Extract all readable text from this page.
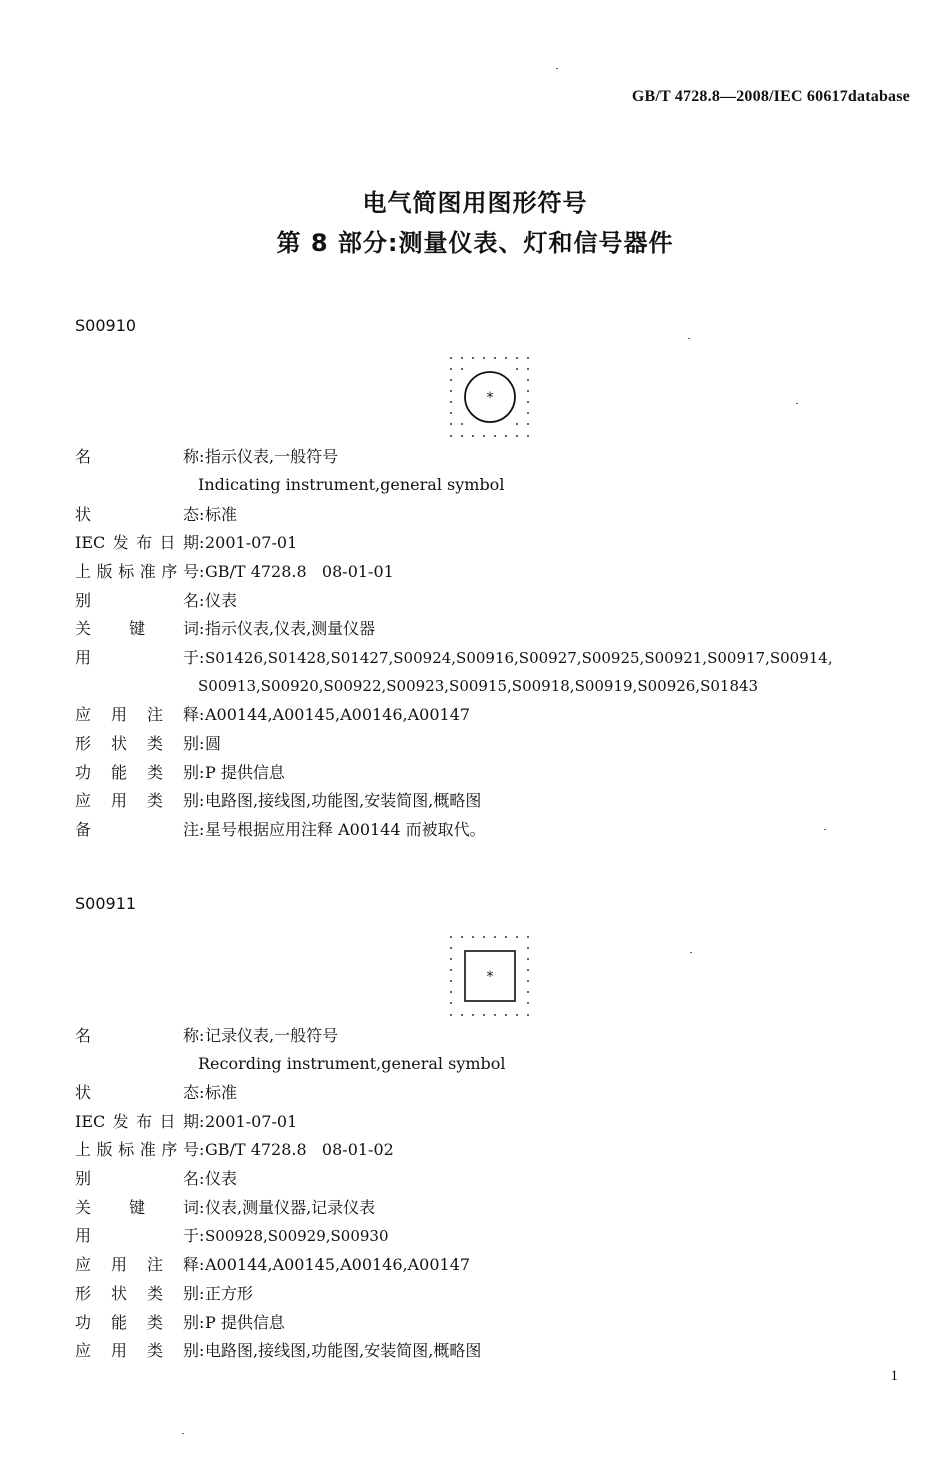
GB/T 4728.8—2008/IEC 60617database
电气简图用图形符号
第 8 部分:测量仪表、灯和信号器件
S00910
*
名称:指示仪表,一般符号
Indicating instrument,general symbol
状态:标准
IEC发布日期:2001-07-01
上版标准序号:GB/T 4728.8   08-01-01
别名:仪表
关键词:指示仪表,仪表,测量仪器
用于:S01426,S01428,S01427,S00924,S00916,S00927,S00925,S00921,S00917,S00914,
S00913,S00920,S00922,S00923,S00915,S00918,S00919,S00926,S01843
应用注释:A00144,A00145,A00146,A00147
形状类别:圆
功能类别:P 提供信息
应用类别:电路图,接线图,功能图,安装简图,概略图
备注:星号根据应用注释 A00144 而被取代。
S00911
*
名称:记录仪表,一般符号
Recording instrument,general symbol
状态:标准
IEC发布日期:2001-07-01
上版标准序号:GB/T 4728.8   08-01-02
别名:仪表
关键词:仪表,测量仪器,记录仪表
用于:S00928,S00929,S00930
应用注释:A00144,A00145,A00146,A00147
形状类别:正方形
功能类别:P 提供信息
应用类别:电路图,接线图,功能图,安装简图,概略图
1
